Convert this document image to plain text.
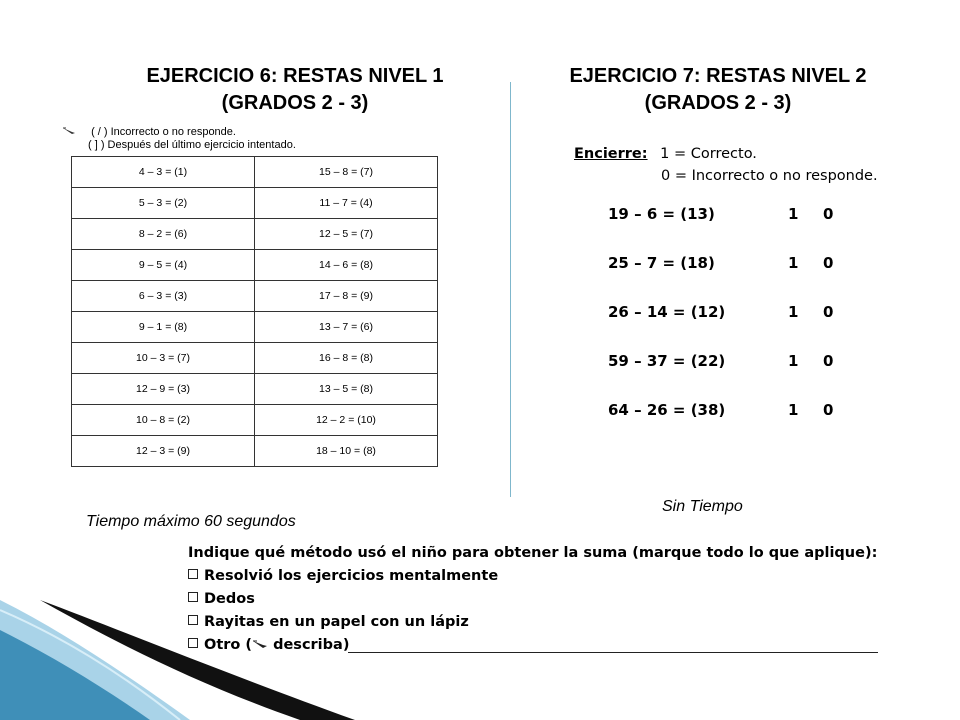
EJERCICIO 6: RESTAS NIVEL 1
(GRADOS 2 - 3)
EJERCICIO 7: RESTAS NIVEL 2
(GRADOS 2 - 3)
( / ) Incorrecto o no responde.
( ] ) Después del último ejercicio intentado.
4 – 3 = (1)	15 – 8 = (7)
5 – 3 = (2)	11 – 7 = (4)
8 – 2 = (6)	12 – 5 = (7)
9 – 5 = (4)	14 – 6 = (8)
6 – 3 = (3)	17 – 8 = (9)
9 – 1 = (8)	13 – 7 = (6)
10 – 3 = (7)	16 – 8 = (8)
12 – 9 = (3)	13 – 5 = (8)
10 – 8 = (2)	12 – 2 = (10)
12 – 3 = (9)	18 – 10 = (8)
Encierre: 1 = Correcto.
0 = Incorrecto o no responde.
19 – 6 = (13)	1 0
25 – 7 = (18)	1 0
26 – 14 = (12)	1 0
59 – 37 = (22)	1 0
64 – 26 = (38)	1 0
Sin Tiempo
Tiempo máximo 60 segundos
Indique qué método usó el niño para obtener la suma (marque todo lo que aplique):
Resolvió los ejercicios mentalmente
Dedos
Rayitas en un papel con un lápiz
Otro ( describa)
